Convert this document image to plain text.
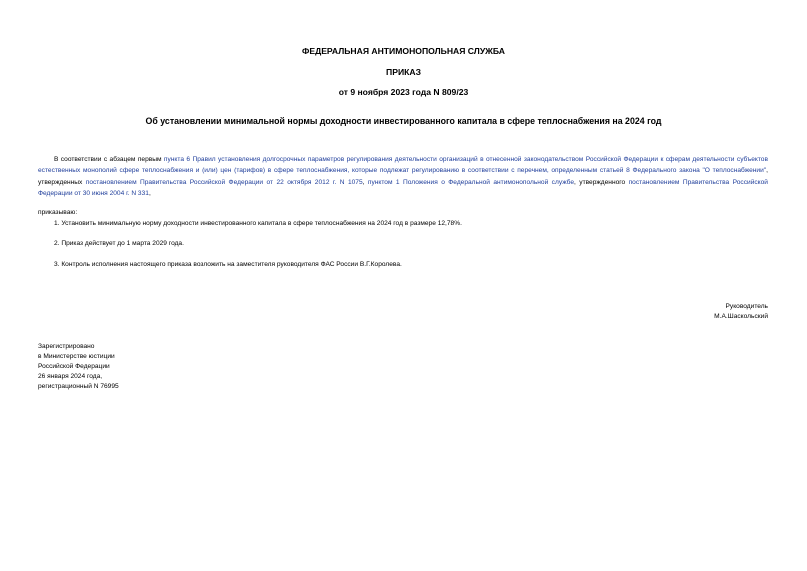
ФЕДЕРАЛЬНАЯ АНТИМОНОПОЛЬНАЯ СЛУЖБА
ПРИКАЗ
от 9 ноября 2023 года N 809/23
Об установлении минимальной нормы доходности инвестированного капитала в сфере теплоснабжения на 2024 год
В соответствии с абзацем первым пункта 6 Правил установления долгосрочных параметров регулирования деятельности организаций в отнесенной законодательством Российской Федерации к сферам деятельности субъектов естественных монополий сфере теплоснабжения и (или) цен (тарифов) в сфере теплоснабжения, которые подлежат регулированию в соответствии с перечнем, определенным статьей 8 Федерального закона "О теплоснабжении", утвержденных постановлением Правительства Российской Федерации от 22 октября 2012 г. N 1075, пунктом 1 Положения о Федеральной антимонопольной службе, утвержденного постановлением Правительства Российской Федерации от 30 июня 2004 г. N 331,
приказываю:
1. Установить минимальную норму доходности инвестированного капитала в сфере теплоснабжения на 2024 год в размере 12,78%.
2. Приказ действует до 1 марта 2029 года.
3. Контроль исполнения настоящего приказа возложить на заместителя руководителя ФАС России В.Г.Королева.
Руководитель
М.А.Шаскольский
Зарегистрировано
в Министерстве юстиции
Российской Федерации
26 января 2024 года,
регистрационный N 76995
